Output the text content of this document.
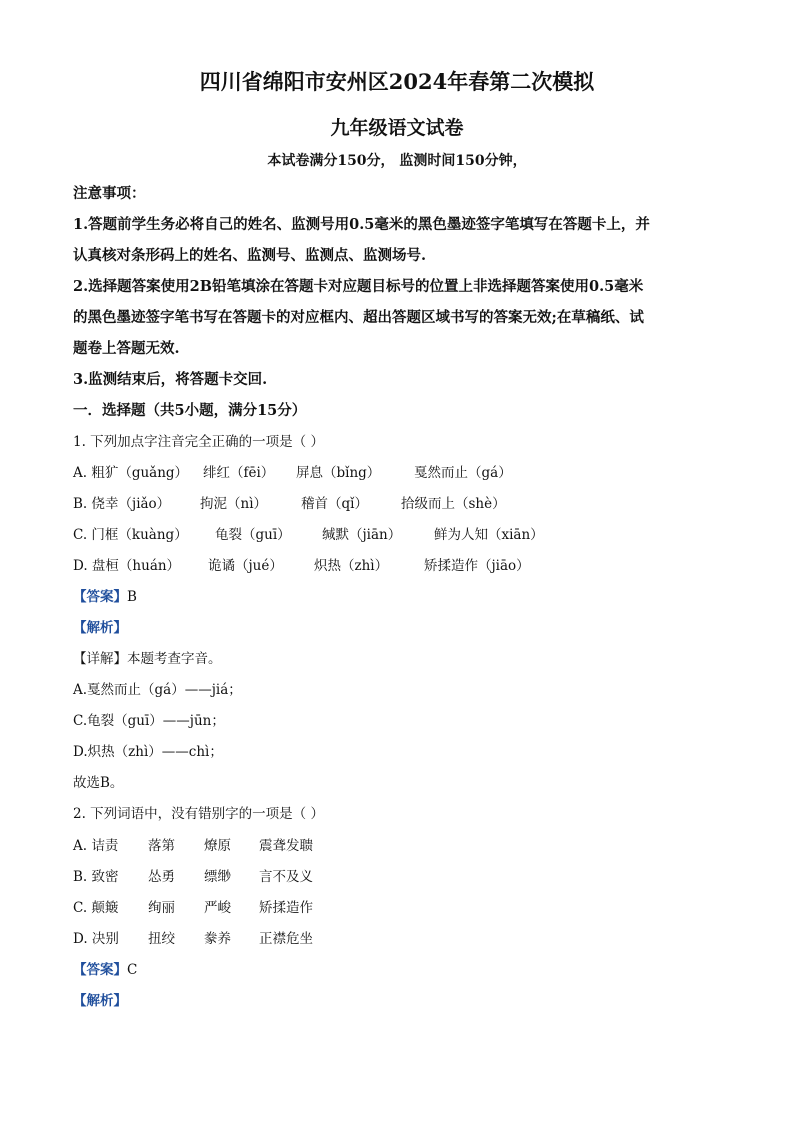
四川省绵阳市安州区2024年春第二次模拟
九年级语文试卷
本试卷满分150分， 监测时间150分钟，
注意事项：
1.答题前学生务必将自己的姓名、监测号用0.5毫米的黑色墨迹签字笔填写在答题卡上，并
认真核对条形码上的姓名、监测号、监测点、监测场号.
2.选择题答案使用2B铅笔填涂在答题卡对应题目标号的位置上非选择题答案使用0.5毫米
的黑色墨迹签字笔书写在答题卡的对应框内、超出答题区域书写的答案无效;在草稿纸、试
题卷上答题无效.
3.监测结束后，将答题卡交回.
一．选择题（共5小题，满分15分）
1. 下列加点字注音完全正确的一项是（ ）
A. 粗犷（guǎng） 绯红（fēi） 屏息（bǐng） 戛然而止（gá）
B. 侥幸（jiǎo） 拘泥（nì）	稽首（qǐ） 拾级而上（shè）
C. 门框（kuàng） 龟裂（guī） 缄默（jiān） 鲜为人知（xiān）
D. 盘桓（huán） 诡谲（jué） 炽热（zhì）	矫揉造作（jiāo）
【答案】B
【解析】
【详解】本题考查字音。
A.戛然而止（gá）——jiá；
C.龟裂（guī）——jūn；
D.炽热（zhì）——chì；
故选B。
2. 下列词语中，没有错别字的一项是（ ）
A. 诘责 落第 燎原 震聋发聩
B. 致密 怂勇 缥缈 言不及义
C. 颠簸 绚丽 严峻 矫揉造作
D. 决别 扭绞 豢养 正襟危坐
【答案】C
【解析】
